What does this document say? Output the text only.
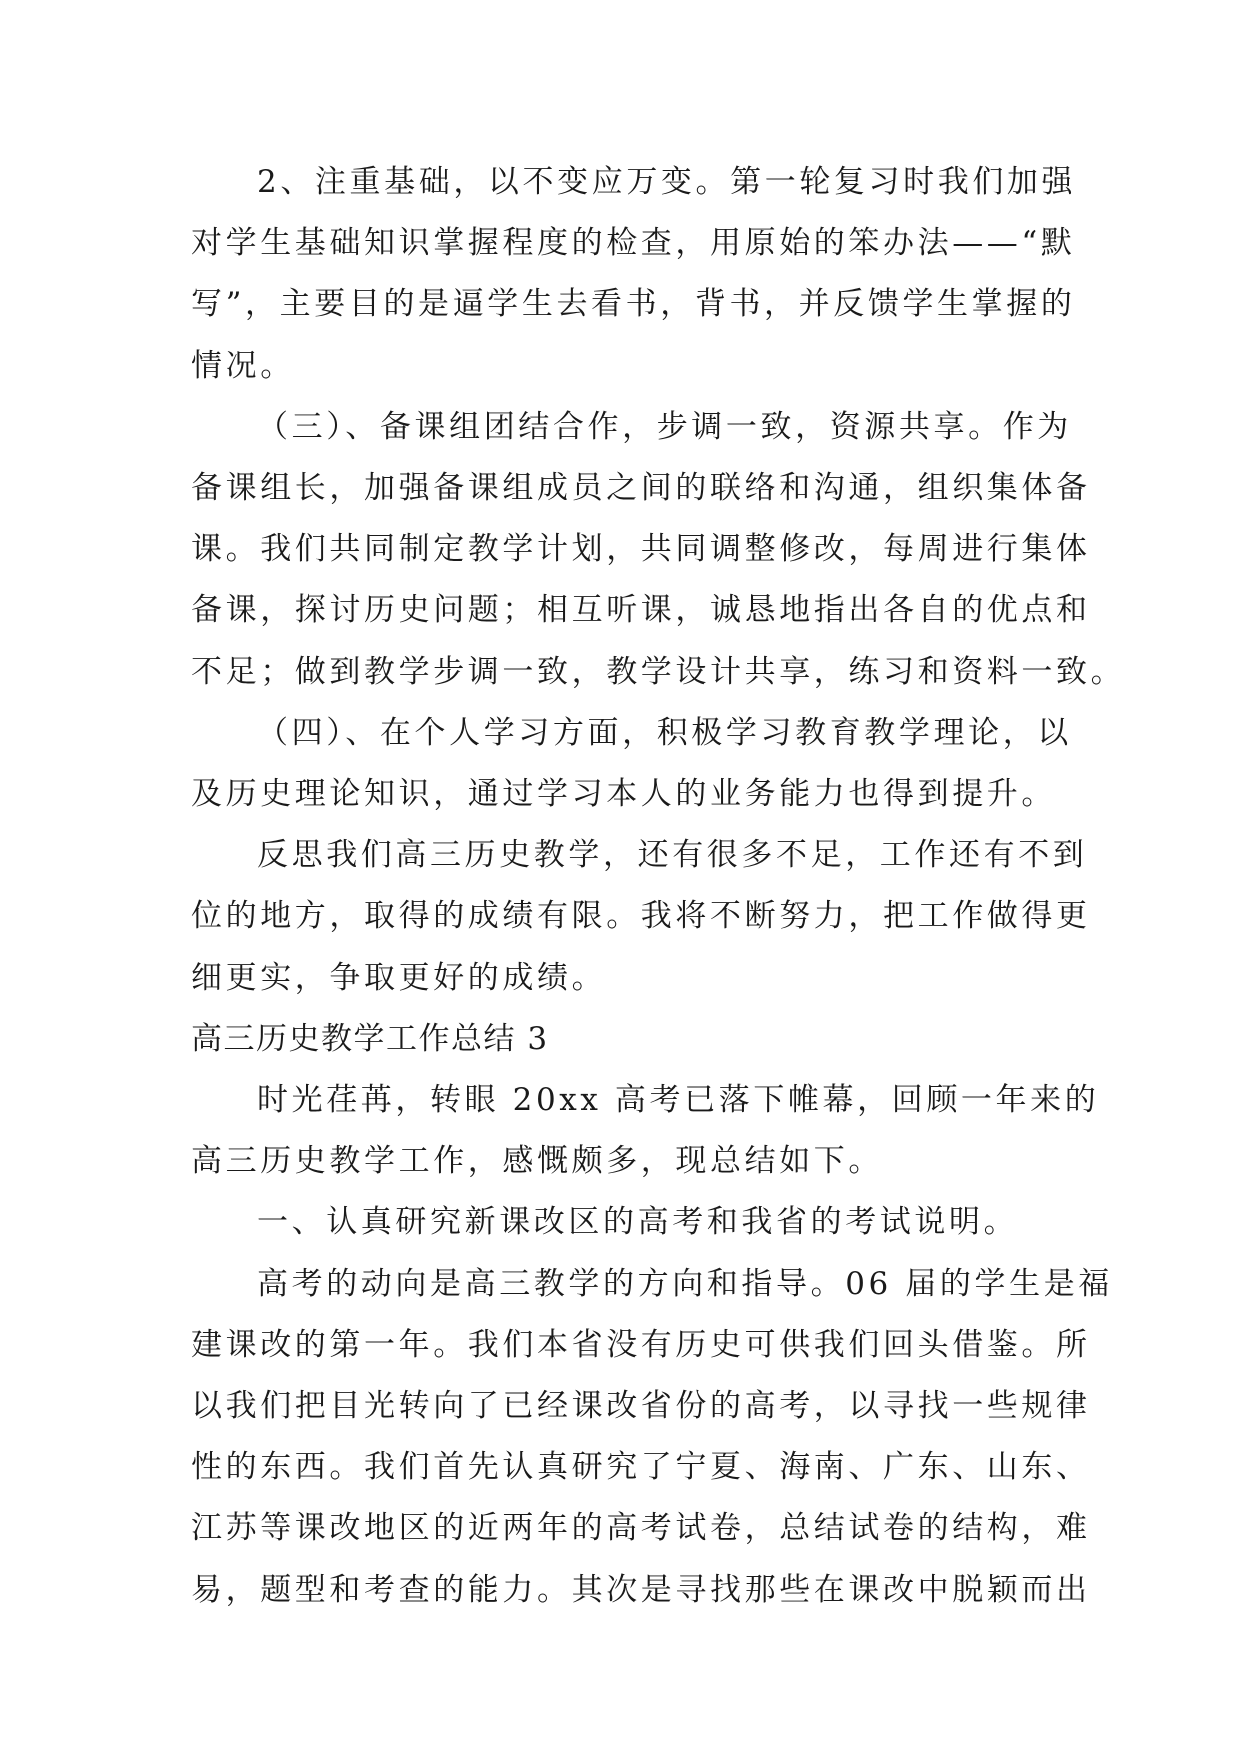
2、注重基础，以不变应万变。第一轮复习时我们加强
对学生基础知识掌握程度的检查，用原始的笨办法——“默
写”，主要目的是逼学生去看书，背书，并反馈学生掌握的
情况。

（三）、备课组团结合作，步调一致，资源共享。作为
备课组长，加强备课组成员之间的联络和沟通，组织集体备
课。我们共同制定教学计划，共同调整修改，每周进行集体
备课，探讨历史问题；相互听课，诚恳地指出各自的优点和
不足；做到教学步调一致，教学设计共享，练习和资料一致。

（四）、在个人学习方面，积极学习教育教学理论，以
及历史理论知识，通过学习本人的业务能力也得到提升。

反思我们高三历史教学，还有很多不足，工作还有不到
位的地方，取得的成绩有限。我将不断努力，把工作做得更
细更实，争取更好的成绩。

高三历史教学工作总结 3

时光荏苒，转眼 20xx 高考已落下帷幕，回顾一年来的
高三历史教学工作，感慨颇多，现总结如下。

一、认真研究新课改区的高考和我省的考试说明。

高考的动向是高三教学的方向和指导。06 届的学生是福
建课改的第一年。我们本省没有历史可供我们回头借鉴。所
以我们把目光转向了已经课改省份的高考，以寻找一些规律
性的东西。我们首先认真研究了宁夏、海南、广东、山东、
江苏等课改地区的近两年的高考试卷，总结试卷的结构，难
易，题型和考查的能力。其次是寻找那些在课改中脱颖而出
